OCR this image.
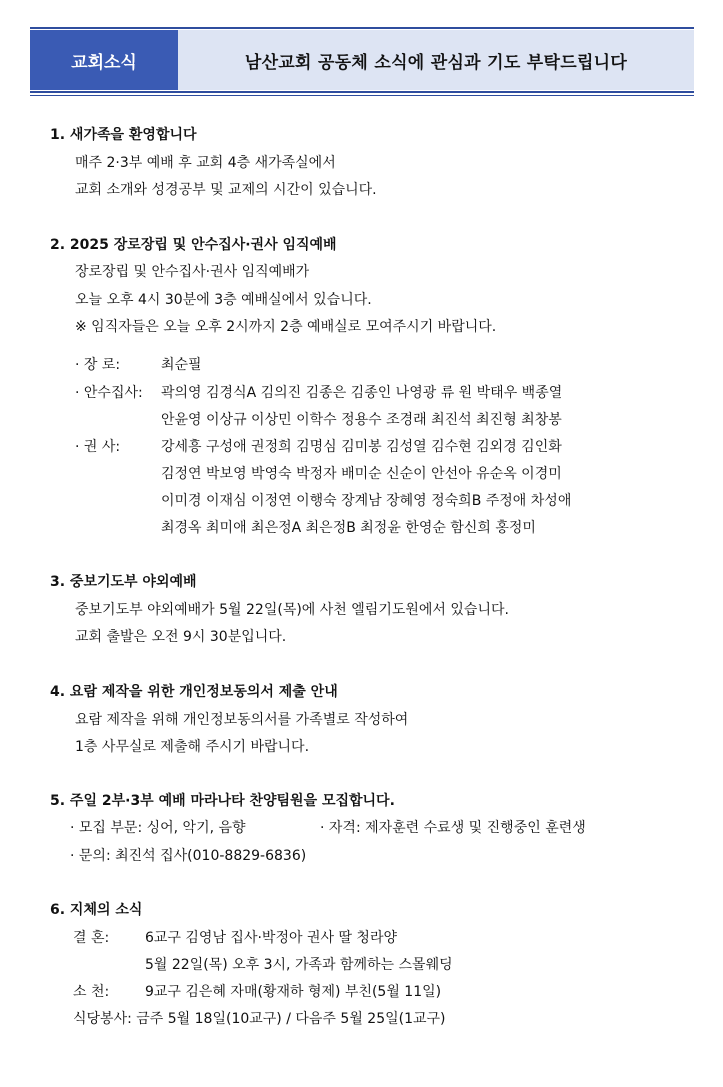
교회소식	남산교회 공동체 소식에 관심과 기도 부탁드립니다
1. 새가족을 환영합니다
매주 2·3부 예배 후 교회 4층 새가족실에서
교회 소개와 성경공부 및 교제의 시간이 있습니다.
2. 2025 장로장립 및 안수집사·권사 임직예배
장로장립 및 안수집사·권사 임직예배가
오늘 오후 4시 30분에 3층 예배실에서 있습니다.
※ 임직자들은 오늘 오후 2시까지 2층 예배실로 모여주시기 바랍니다.
· 장 로:	최순필
· 안수집사: 곽의영 김경식A 김의진 김종은 김종인 나영광 류 원 박태우 백종열
안윤영 이상규 이상민 이학수 정용수 조경래 최진석 최진형 최창봉
· 권 사:	강세흥 구성애 권정희 김명심 김미봉 김성열 김수현 김외경 김인화
김정연 박보영 박영숙 박정자 배미순 신순이 안선아 유순옥 이경미
이미경 이재심 이정연 이행숙 장계남 장혜영 정숙희B 주정애 차성애
최경옥 최미애 최은정A 최은정B 최정윤 한영순 함신희 홍정미
3. 중보기도부 야외예배
중보기도부 야외예배가 5월 22일(목)에 사천 엘림기도원에서 있습니다.
교회 출발은 오전 9시 30분입니다.
4. 요람 제작을 위한 개인정보동의서 제출 안내
요람 제작을 위해 개인정보동의서를 가족별로 작성하여
1층 사무실로 제출해 주시기 바랍니다.
5. 주일 2부·3부 예배 마라나타 찬양팀원을 모집합니다.
· 모집 부문: 싱어, 악기, 음향	· 자격: 제자훈련 수료생 및 진행중인 훈련생
· 문의: 최진석 집사(010-8829-6836)
6. 지체의 소식
결 혼:	6교구 김영남 집사·박정아 권사 딸 청라양
5월 22일(목) 오후 3시, 가족과 함께하는 스몰웨딩
소 천:	9교구 김은혜 자매(황재하 형제) 부친(5월 11일)
식당봉사: 금주 5월 18일(10교구) / 다음주 5월 25일(1교구)
